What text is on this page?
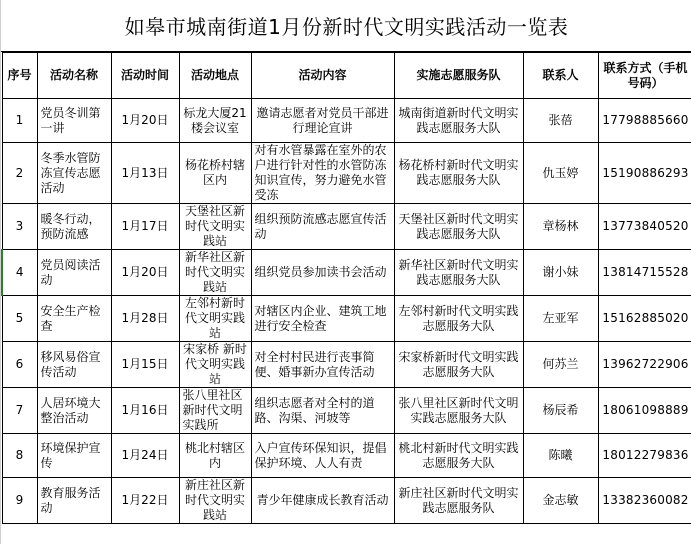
如皋市城南街道1月份新时代文明实践活动一览表
序号	活动名称	活动时间	活动地点	活动内容	实施志愿服务队	联系人	联系方式（手机号码）
1	党员冬训第一讲	1月20日	标龙大厦21楼会议室	邀请志愿者对党员干部进行理论宣讲	城南街道新时代文明实践志愿服务大队	张蓓	17798885660
2	冬季水管防冻宣传志愿活动	1月13日	杨花桥村辖区内	对有水管暴露在室外的农户进行针对性的水管防冻知识宣传，努力避免水管受冻	杨花桥村新时代文明实践志愿服务大队	仇玉婷	15190886293
3	暖冬行动，预防流感	1月17日	天堡社区新时代文明实践站	组织预防流感志愿宣传活动	天堡社区新时代文明实践志愿服务大队	章杨林	13773840520
4	党员阅读活动	1月20日	新华社区新时代文明实践站	组织党员参加读书会活动	新华社区新时代文明实践志愿服务大队	谢小妹	13814715528
5	安全生产检查	1月28日	左邻村新时代文明实践站	对辖区内企业、建筑工地进行安全检查	左邻村新时代文明实践志愿服务大队	左亚军	15162885020
6	移风易俗宣传活动	1月15日	宋家桥 新时代文明实践站	对全村村民进行丧事简便、婚事新办宣传活动	宋家桥新时代文明实践志愿服务大队	何苏兰	13962722906
7	人居环境大整治活动	1月16日	张八里社区新时代文明实践所	组织志愿者对全村的道路、沟渠、河坡等	张八里社区新时代文明实践志愿服务大队	杨辰希	18061098889
8	环境保护宣传	1月24日	桃北村辖区内	入户宣传环保知识，提倡保护环境、人人有责	桃北村新时代文明实践志愿服务大队	陈曦	18012279836
9	教育服务活动	1月22日	新庄社区新时代文明实践站	青少年健康成长教育活动	新庄社区新时代文明实践志愿服务队	金志敏	13382360082
